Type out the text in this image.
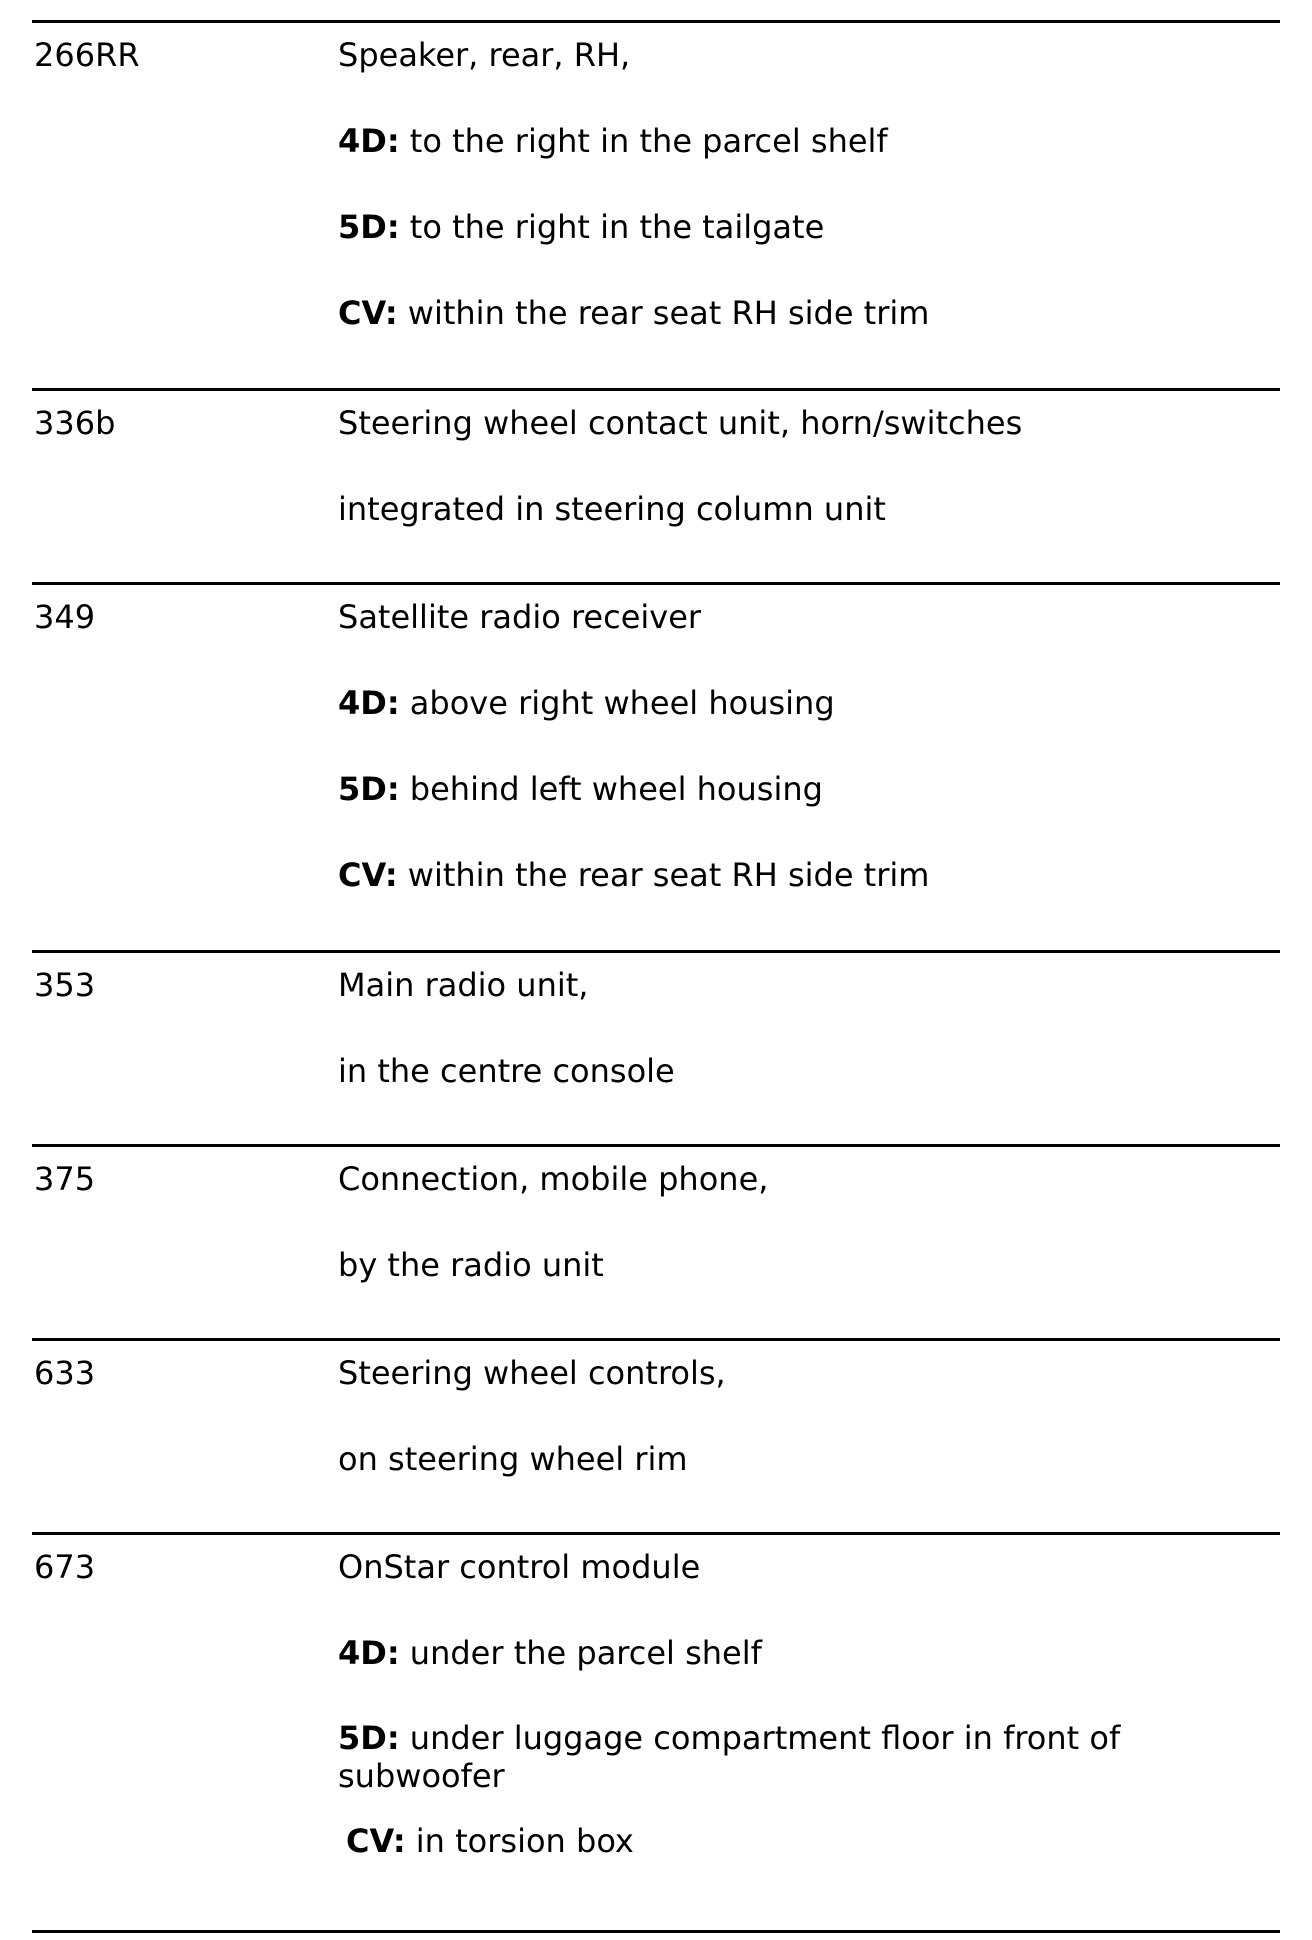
266RR	Speaker, rear, RH,
4D: to the right in the parcel shelf
5D: to the right in the tailgate
CV: within the rear seat RH side trim
336b	Steering wheel contact unit, horn/switches
integrated in steering column unit
349	Satellite radio receiver
4D: above right wheel housing
5D: behind left wheel housing
CV: within the rear seat RH side trim
353	Main radio unit,
in the centre console
375	Connection, mobile phone,
by the radio unit
633	Steering wheel controls,
on steering wheel rim
673	OnStar control module
4D: under the parcel shelf
5D: under luggage compartment floor in front of subwoofer
CV: in torsion box
